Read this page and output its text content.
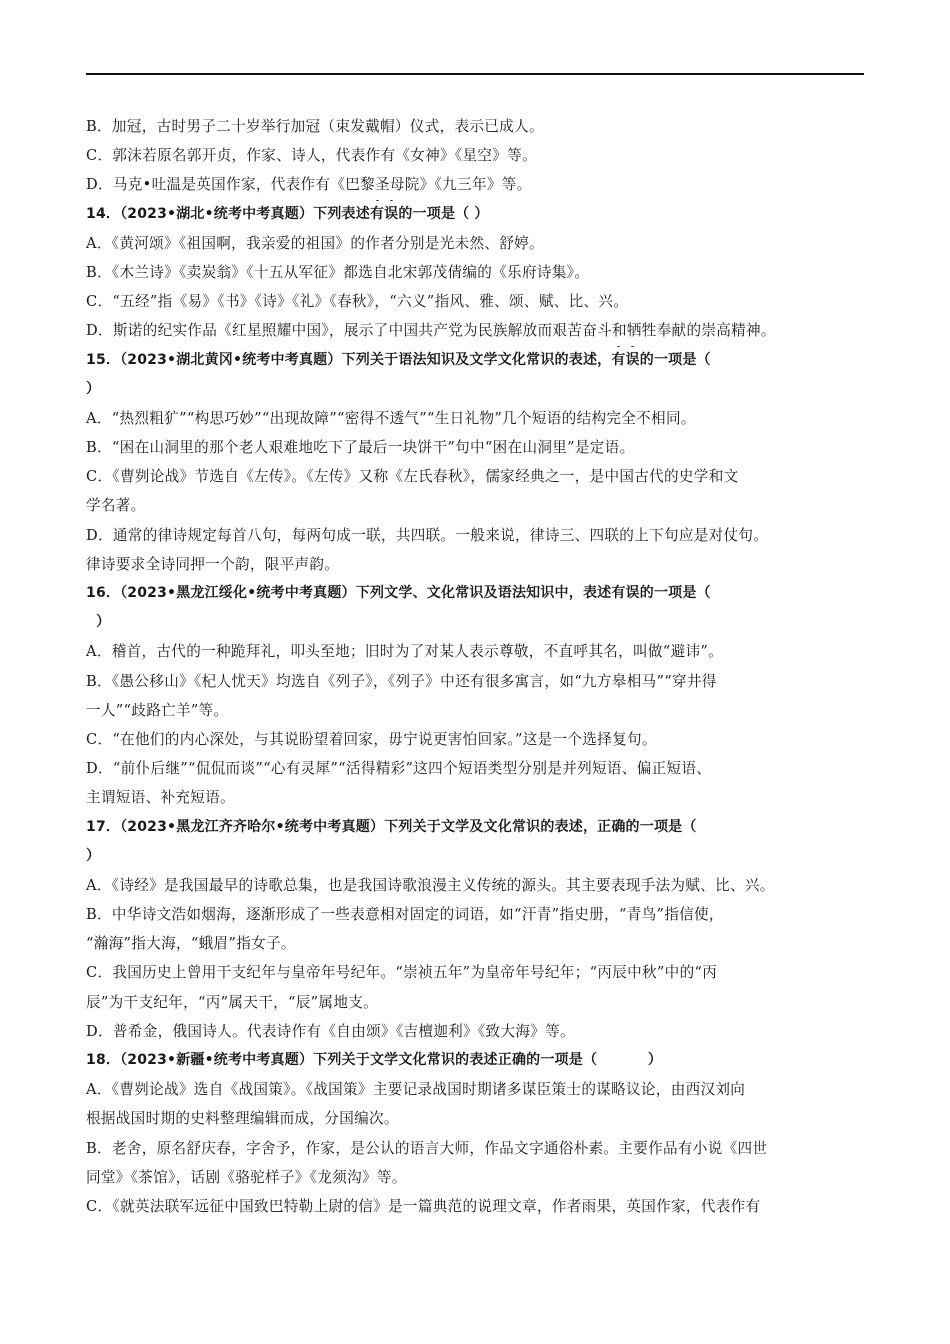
B．加冠，古时男子二十岁举行加冠（束发戴帽）仪式，表示已成人。
C．郭沫若原名郭开贞，作家、诗人，代表作有《女神》《星空》等。
D．马克•吐温是英国作家，代表作有《巴黎圣母院》《九三年》等。
14．（2023•湖北•统考中考真题）下列表述有误的一项是（ ）
A．《黄河颂》《祖国啊，我亲爱的祖国》的作者分别是光未然、舒婷。
B．《木兰诗》《卖炭翁》《十五从军征》都选自北宋郭茂倩编的《乐府诗集》。
C．“五经”指《易》《书》《诗》《礼》《春秋》，“六义”指风、雅、颂、赋、比、兴。
D．斯诺的纪实作品《红星照耀中国》，展示了中国共产党为民族解放而艰苦奋斗和牺牲奉献的崇高精神。
15．（2023•湖北黄冈•统考中考真题）下列关于语法知识及文学文化常识的表述，有误的一项是（
）
A．“热烈粗犷”“构思巧妙”“出现故障”“密得不透气”“生日礼物”几个短语的结构完全不相同。
B．“困在山洞里的那个老人艰难地吃下了最后一块饼干”句中“困在山洞里”是定语。
C．《曹刿论战》节选自《左传》。《左传》又称《左氏春秋》，儒家经典之一，是中国古代的史学和文
学名著。
D．通常的律诗规定每首八句，每两句成一联，共四联。一般来说，律诗三、四联的上下句应是对仗句。
律诗要求全诗同押一个韵，限平声韵。
16．（2023•黑龙江绥化•统考中考真题）下列文学、文化常识及语法知识中，表述有误的一项是（
）
A．稽首，古代的一种跪拜礼，叩头至地；旧时为了对某人表示尊敬，不直呼其名，叫做“避讳”。
B．《愚公移山》《杞人忧天》均选自《列子》，《列子》中还有很多寓言，如“九方皋相马”“穿井得
一人”“歧路亡羊”等。
C．“在他们的内心深处，与其说盼望着回家，毋宁说更害怕回家。”这是一个选择复句。
D．“前仆后继”“侃侃而谈”“心有灵犀”“活得精彩”这四个短语类型分别是并列短语、偏正短语、
主谓短语、补充短语。
17．（2023•黑龙江齐齐哈尔•统考中考真题）下列关于文学及文化常识的表述，正确的一项是（
）
A．《诗经》是我国最早的诗歌总集，也是我国诗歌浪漫主义传统的源头。其主要表现手法为赋、比、兴。
B．中华诗文浩如烟海，逐渐形成了一些表意相对固定的词语，如“汗青”指史册，“青鸟”指信使，
“瀚海”指大海，“蛾眉”指女子。
C．我国历史上曾用干支纪年与皇帝年号纪年。“崇祯五年”为皇帝年号纪年；“丙辰中秋”中的“丙
辰”为干支纪年，“丙”属天干，“辰”属地支。
D．普希金，俄国诗人。代表诗作有《自由颂》《吉檀迦利》《致大海》等。
18．（2023•新疆•统考中考真题）下列关于文学文化常识的表述正确的一项是（          ）
A．《曹刿论战》选自《战国策》。《战国策》主要记录战国时期诸多谋臣策士的谋略议论，由西汉刘向
根据战国时期的史料整理编辑而成，分国编次。
B．老舍，原名舒庆春，字舍予，作家，是公认的语言大师，作品文字通俗朴素。主要作品有小说《四世
同堂》《茶馆》，话剧《骆驼样子》《龙须沟》等。
C．《就英法联军远征中国致巴特勒上尉的信》是一篇典范的说理文章，作者雨果，英国作家，代表作有
